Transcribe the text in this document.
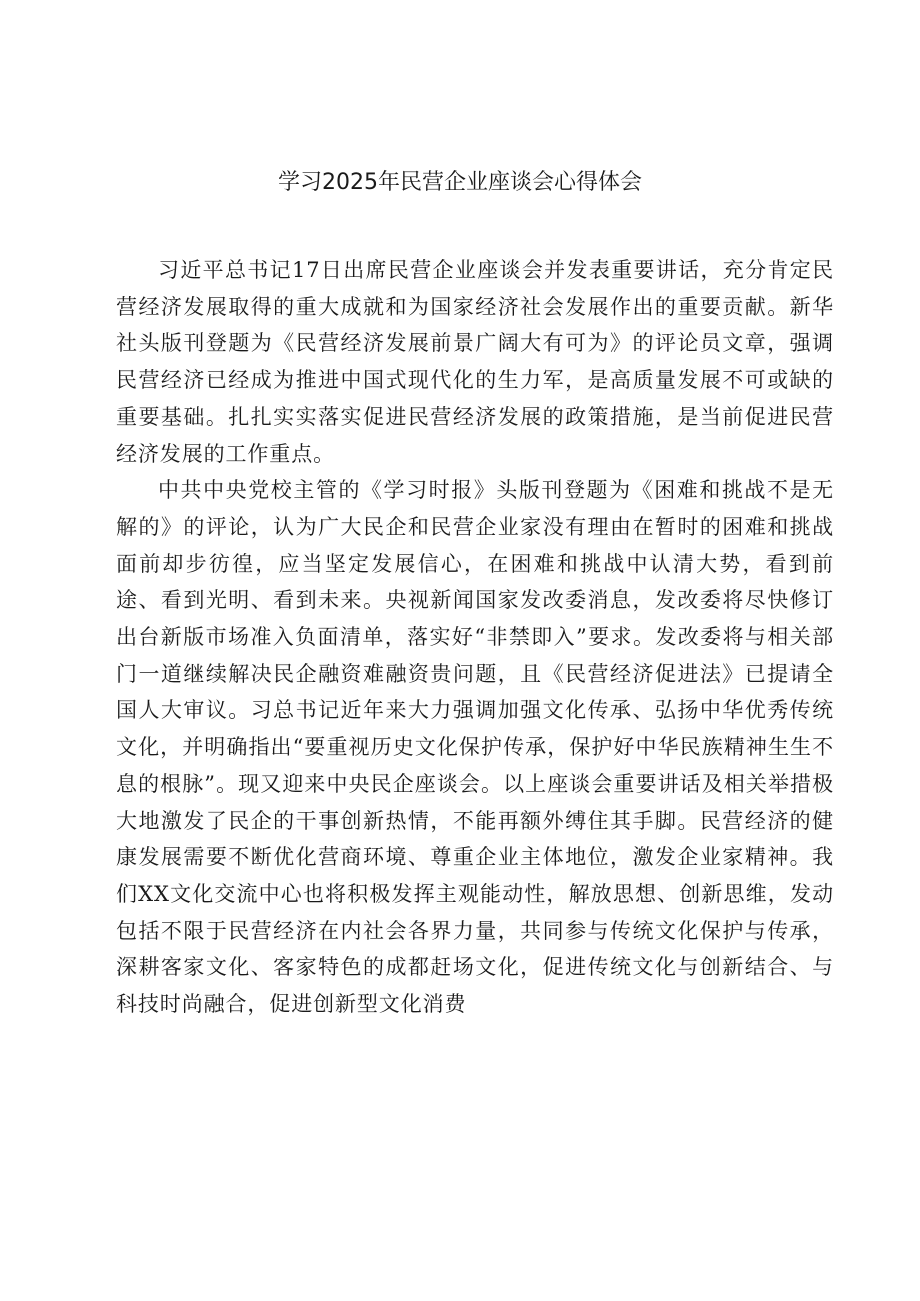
学习2025年民营企业座谈会心得体会

习近平总书记17日出席民营企业座谈会并发表重要讲话，充分肯定民营经济发展取得的重大成就和为国家经济社会发展作出的重要贡献。新华社头版刊登题为《民营经济发展前景广阔大有可为》的评论员文章，强调民营经济已经成为推进中国式现代化的生力军，是高质量发展不可或缺的重要基础。扎扎实实落实促进民营经济发展的政策措施，是当前促进民营经济发展的工作重点。

中共中央党校主管的《学习时报》头版刊登题为《困难和挑战不是无解的》的评论，认为广大民企和民营企业家没有理由在暂时的困难和挑战面前却步彷徨，应当坚定发展信心，在困难和挑战中认清大势，看到前途、看到光明、看到未来。央视新闻国家发改委消息，发改委将尽快修订出台新版市场准入负面清单，落实好“非禁即入”要求。发改委将与相关部门一道继续解决民企融资难融资贵问题，且《民营经济促进法》已提请全国人大审议。习总书记近年来大力强调加强文化传承、弘扬中华优秀传统文化，并明确指出“要重视历史文化保护传承，保护好中华民族精神生生不息的根脉”。现又迎来中央民企座谈会。以上座谈会重要讲话及相关举措极大地激发了民企的干事创新热情，不能再额外缚住其手脚。民营经济的健康发展需要不断优化营商环境、尊重企业主体地位，激发企业家精神。我们XX文化交流中心也将积极发挥主观能动性，解放思想、创新思维，发动包括不限于民营经济在内社会各界力量，共同参与传统文化保护与传承，深耕客家文化、客家特色的成都赶场文化，促进传统文化与创新结合、与科技时尚融合，促进创新型文化消费
